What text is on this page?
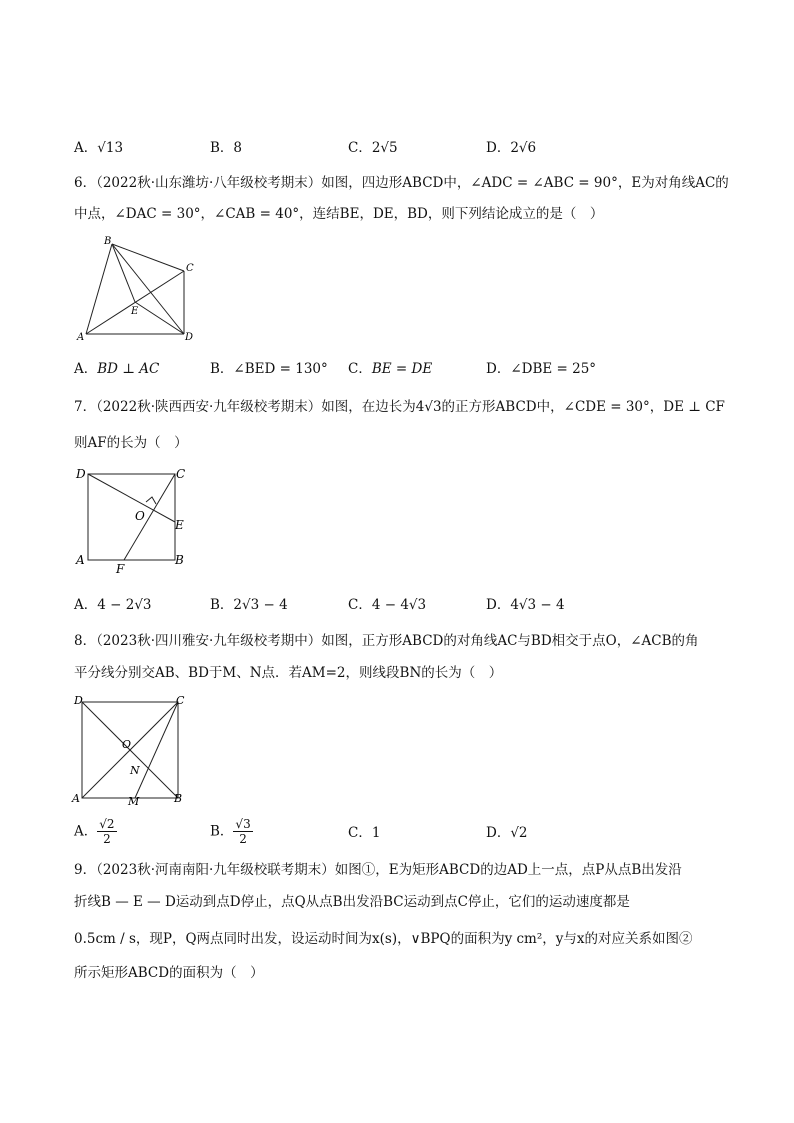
A．√13	B．8	C．2√5	D．2√6
6．（2022秋·山东潍坊·八年级校考期末）如图，四边形ABCD中，∠ADC = ∠ABC = 90°，E为对角线AC的
中点，∠DAC = 30°，∠CAB = 40°，连结BE，DE，BD，则下列结论成立的是（　）
B
C
E
A	D
A．BD ⊥ AC	B．∠BED = 130° C．BE = DE	D．∠DBE = 25°
7．（2022秋·陕西西安·九年级校考期末）如图，在边长为4√3的正方形ABCD中，∠CDE = 30°，DE ⊥ CF
则AF的长为（　）
D	C
O
E
A
F
B
A．4 − 2√3	B．2√3 − 4	C．4 − 4√3	D．4√3 − 4
8．（2023秋·四川雅安·九年级校考期中）如图，正方形ABCD的对角线AC与BD相交于点O，∠ACB的角
平分线分别交AB、BD于M、N点．若AM=2，则线段BN的长为（　）
D	C
O
N
A	M	B
A． $\frac{√2}{2}$	B． $\frac{√3}{2}$	C．1	D．√2
9．（2023秋·河南南阳·九年级校联考期末）如图①，E为矩形ABCD的边AD上一点，点P从点B出发沿
折线B — E — D运动到点D停止，点Q从点B出发沿BC运动到点C停止，它们的运动速度都是
0.5cm / s，现P，Q两点同时出发，设运动时间为x(s)，∨BPQ的面积为y cm²，y与x的对应关系如图②
所示矩形ABCD的面积为（　）
